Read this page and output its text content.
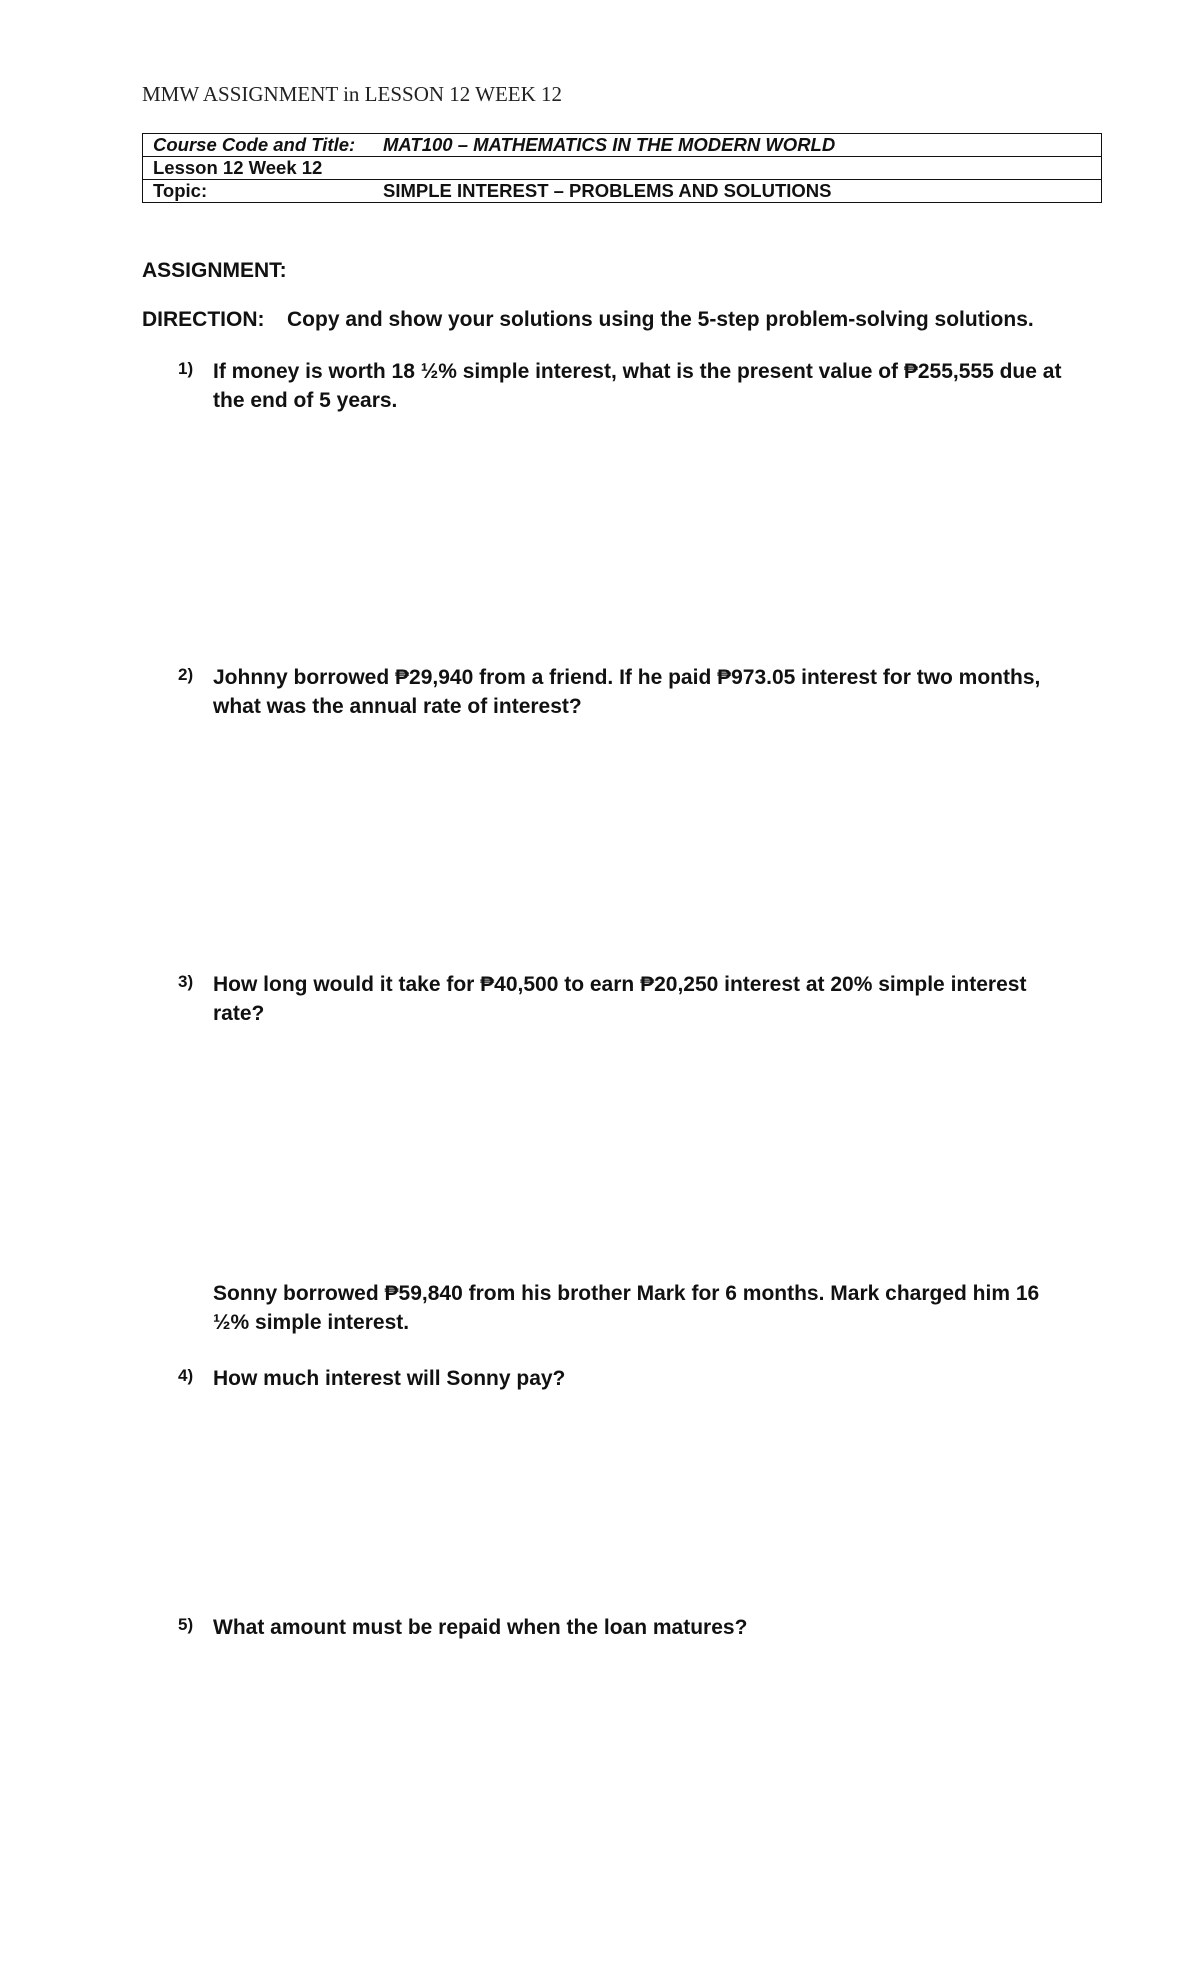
MMW ASSIGNMENT in LESSON 12 WEEK 12
Course Code and Title: MAT100 – MATHEMATICS IN THE MODERN WORLD
Lesson 12 Week 12
Topic:	SIMPLE INTEREST – PROBLEMS AND SOLUTIONS
ASSIGNMENT:
DIRECTION: Copy and show your solutions using the 5-step problem-solving solutions.
1) If money is worth 18 ½% simple interest, what is the present value of ₱255,555 due at the end of 5 years.
2) Johnny borrowed ₱29,940 from a friend. If he paid ₱973.05 interest for two months, what was the annual rate of interest?
3) How long would it take for ₱40,500 to earn ₱20,250 interest at 20% simple interest rate?
Sonny borrowed ₱59,840 from his brother Mark for 6 months. Mark charged him 16 ½% simple interest.
4) How much interest will Sonny pay?
5) What amount must be repaid when the loan matures?
